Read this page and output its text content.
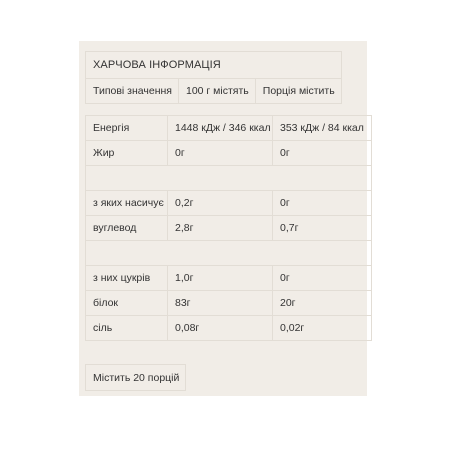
ХАРЧОВА ІНФОРМАЦІЯ
Типові значення	100 г містять	Порція містить
Енергія	1448 кДж / 346 ккал	353 кДж / 84 ккал
Жир	0г	0г

з яких насичує	0,2г	0г
вуглевод	2,8г	0,7г

з них цукрів	1,0г	0г
білок	83г	20г
сіль	0,08г	0,02г
Містить 20 порцій
